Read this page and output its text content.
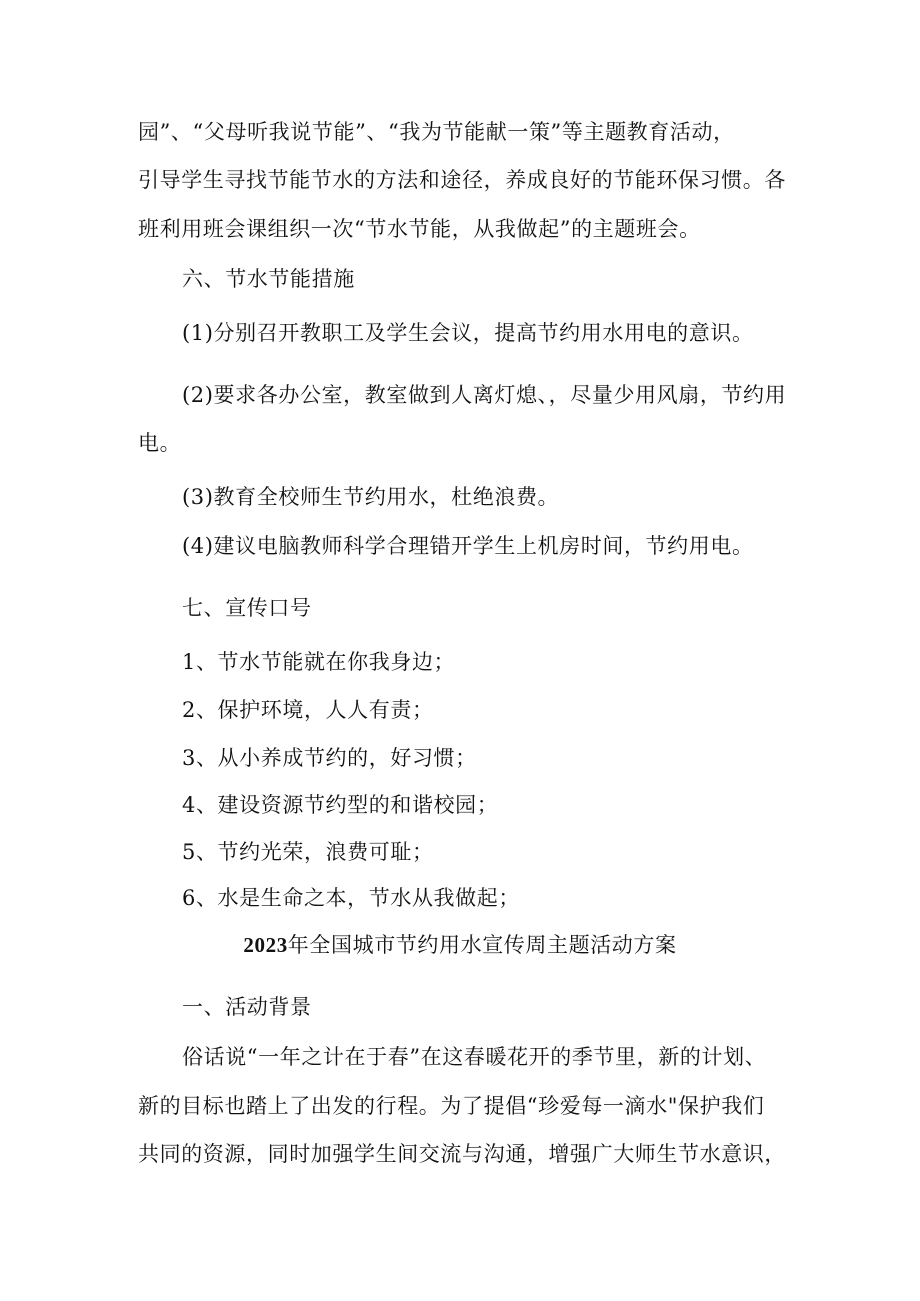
园”、“父母听我说节能”、“我为节能献一策”等主题教育活动，
引导学生寻找节能节水的方法和途径，养成良好的节能环保习惯。各
班利用班会课组织一次“节水节能，从我做起”的主题班会。
六、节水节能措施
(1)分别召开教职工及学生会议，提高节约用水用电的意识。
(2)要求各办公室，教室做到人离灯熄、，尽量少用风扇，节约用
电。
(3)教育全校师生节约用水，杜绝浪费。
(4)建议电脑教师科学合理错开学生上机房时间，节约用电。
七、宣传口号
1、节水节能就在你我身边；
2、保护环境，人人有责；
3、从小养成节约的，好习惯；
4、建设资源节约型的和谐校园；
5、节约光荣，浪费可耻；
6、水是生命之本，节水从我做起；
2023年全国城市节约用水宣传周主题活动方案
一、活动背景
俗话说“一年之计在于春”在这春暖花开的季节里，新的计划、
新的目标也踏上了出发的行程。为了提倡“珍爱每一滴水"保护我们
共同的资源，同时加强学生间交流与沟通，增强广大师生节水意识，
